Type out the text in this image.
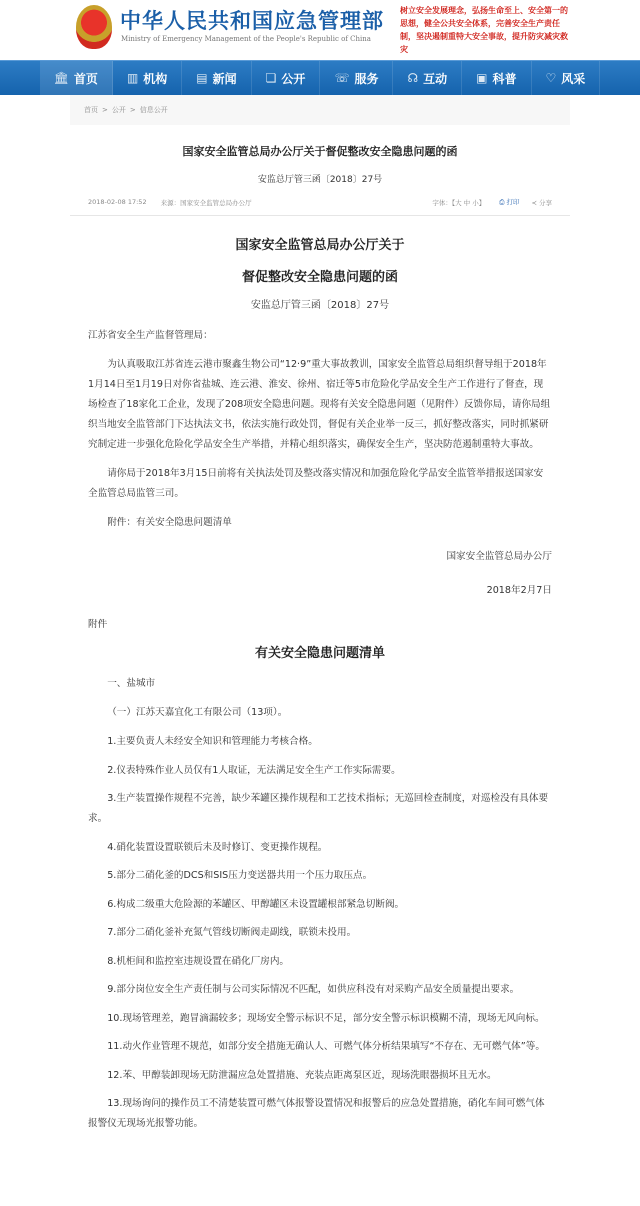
中华人民共和国应急管理部
Ministry of Emergency Management of the People's Republic of China
树立安全发展理念，弘扬生命至上、安全第一的思想，健全公共安全体系，完善安全生产责任制，坚决遏制重特大安全事故，提升防灾减灾救灾
🏛 首页 ▥ 机构 ▤ 新闻 ❏ 公开 ☏ 服务 ☊ 互动 ▣ 科普 ♡ 风采
首页 > 公开 > 信息公开
国家安全监管总局办公厅关于督促整改安全隐患问题的函
安监总厅管三函〔2018〕27号
2018-02-08 17:52 来源：国家安全监管总局办公厅	字体：【大 中 小】 ⎙ 打印 ≺ 分享
国家安全监管总局办公厅关于
督促整改安全隐患问题的函
安监总厅管三函〔2018〕27号

江苏省安全生产监督管理局：

为认真吸取江苏省连云港市聚鑫生物公司“12·9”重大事故教训，国家安全监管总局组织督导组于2018年1月14日至1月19日对你省盐城、连云港、淮安、徐州、宿迁等5市危险化学品安全生产工作进行了督查，现场检查了18家化工企业，发现了208项安全隐患问题。现将有关安全隐患问题（见附件）反馈你局，请你局组织当地安全监管部门下达执法文书，依法实施行政处罚，督促有关企业举一反三，抓好整改落实，同时抓紧研究制定进一步强化危险化学品安全生产举措，并精心组织落实，确保安全生产，坚决防范遏制重特大事故。

请你局于2018年3月15日前将有关执法处罚及整改落实情况和加强危险化学品安全监管举措报送国家安全监管总局监管三司。

附件：有关安全隐患问题清单

国家安全监管总局办公厅

2018年2月7日

附件

有关安全隐患问题清单

一、盐城市

（一）江苏天嘉宜化工有限公司（13项）。

1.主要负责人未经安全知识和管理能力考核合格。

2.仪表特殊作业人员仅有1人取证，无法满足安全生产工作实际需要。

3.生产装置操作规程不完善，缺少苯罐区操作规程和工艺技术指标；无巡回检查制度，对巡检没有具体要求。

4.硝化装置设置联锁后未及时修订、变更操作规程。

5.部分二硝化釜的DCS和SIS压力变送器共用一个压力取压点。

6.构成二级重大危险源的苯罐区、甲醇罐区未设置罐根部紧急切断阀。

7.部分二硝化釜补充氮气管线切断阀走副线，联锁未投用。

8.机柜间和监控室违规设置在硝化厂房内。

9.部分岗位安全生产责任制与公司实际情况不匹配，如供应科没有对采购产品安全质量提出要求。

10.现场管理差，跑冒滴漏较多；现场安全警示标识不足，部分安全警示标识模糊不清，现场无风向标。

11.动火作业管理不规范，如部分安全措施无确认人、可燃气体分析结果填写“不存在、无可燃气体”等。

12.苯、甲醇装卸现场无防泄漏应急处置措施、充装点距离泵区近，现场洗眼器损坏且无水。

13.现场询问的操作员工不清楚装置可燃气体报警设置情况和报警后的应急处置措施，硝化车间可燃气体报警仪无现场光报警功能。
